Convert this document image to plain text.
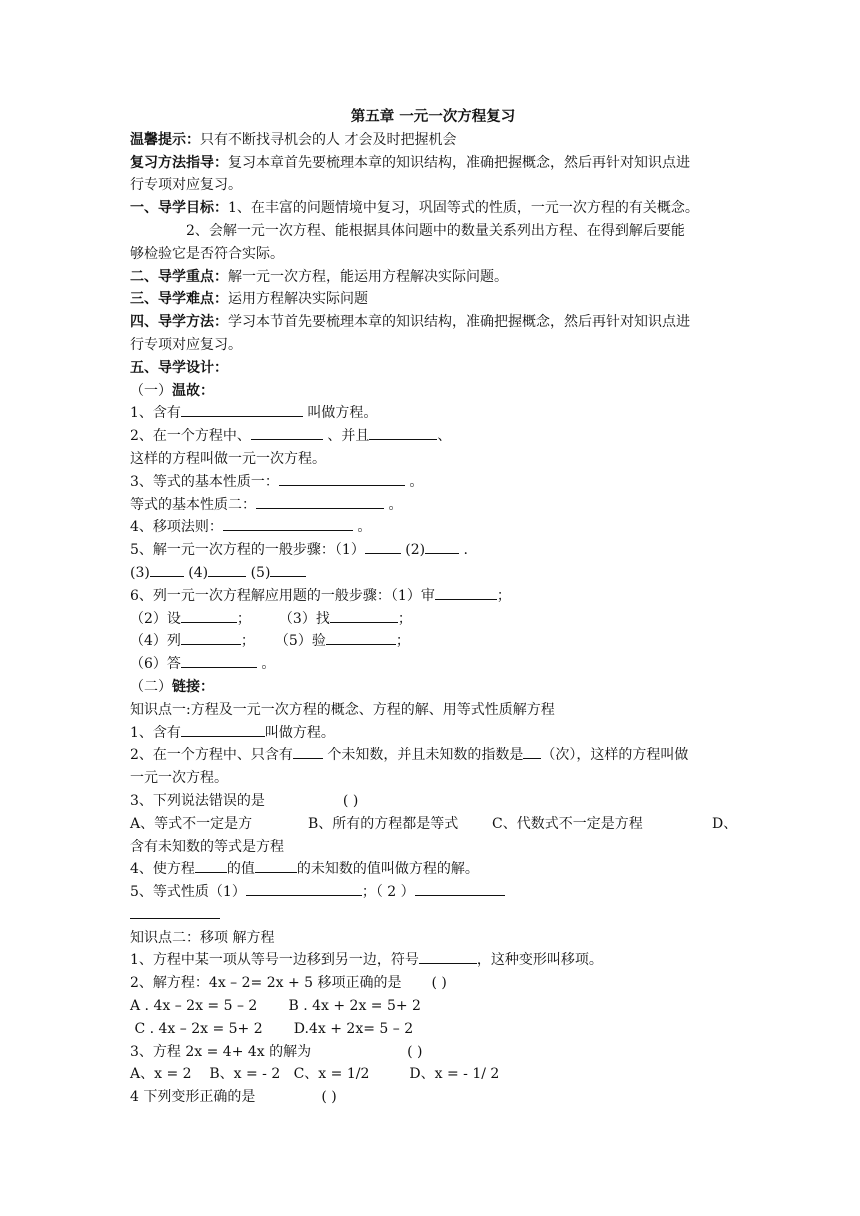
第五章 一元一次方程复习
温馨提示：只有不断找寻机会的人 才会及时把握机会
复习方法指导：复习本章首先要梳理本章的知识结构，准确把握概念，然后再针对知识点进
行专项对应复习。
一、导学目标：1、在丰富的问题情境中复习，巩固等式的性质，一元一次方程的有关概念。
2、会解一元一次方程、能根据具体问题中的数量关系列出方程、在得到解后要能
够检验它是否符合实际。
二、导学重点：解一元一次方程，能运用方程解决实际问题。
三、导学难点：运用方程解决实际问题
四、导学方法：学习本节首先要梳理本章的知识结构，准确把握概念，然后再针对知识点进
行专项对应复习。
五、导学设计：
（一）温故：
1、含有	叫做方程。
2、在一个方程中、	、并且	、
这样的方程叫做一元一次方程。
3、等式的基本性质一：	。
等式的基本性质二：	。
4、移项法则：	。
5、解一元一次方程的一般步骤：（1）	(2) .
(3) (4)	(5)
6、列一元一次方程解应用题的一般步骤：（1）审	；
（2）设	； （3）找	；
（4）列	； （5）验	；
（6）答	。
（二）链接：
知识点一:方程及一元一次方程的概念、方程的解、用等式性质解方程
1、含有	叫做方程。
2、在一个方程中、只含有 个未知数，并且未知数的指数是 （次），这样的方程叫做
一元一次方程。
3、下列说法错误的是	( )
A、等式不一定是方	B、所有的方程都是等式 C、代数式不一定是方程	D、
含有未知数的等式是方程
4、使方程 的值	的未知数的值叫做方程的解。
5、等式性质（1）	；（ 2 ）
知识点二：移项 解方程
1、方程中某一项从等号一边移到另一边，符号	，这种变形叫移项。
2、解方程：4x – 2= 2x + 5 移项正确的是 ( )
A . 4x – 2x = 5 – 2       B . 4x + 2x = 5+ 2
C . 4x – 2x = 5+ 2       D.4x + 2x= 5 – 2
3、方程 2x = 4+ 4x 的解为	( )
A、x = 2    B、x = - 2   C、x = 1/2         D、x = - 1/ 2
4 下列变形正确的是	( )
